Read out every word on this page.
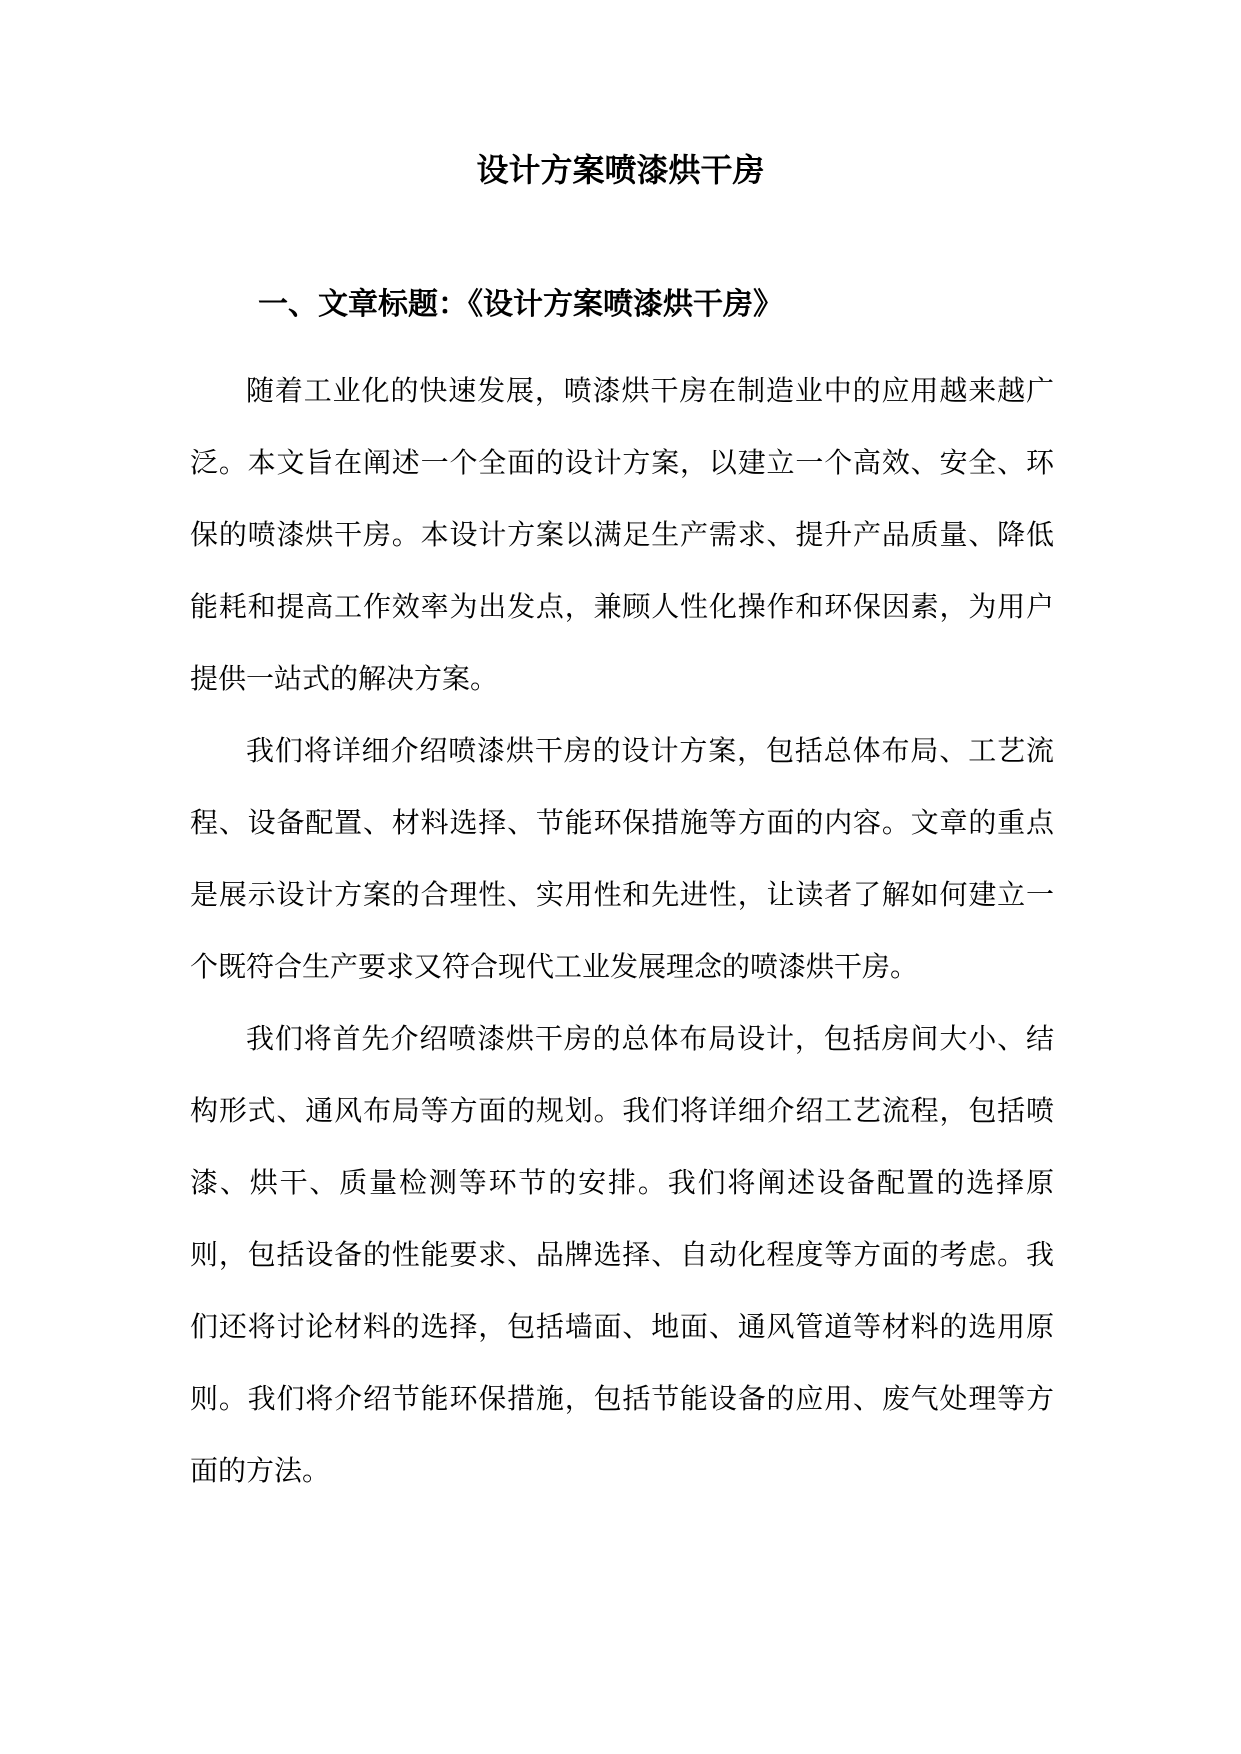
设计方案喷漆烘干房
一、文章标题：《设计方案喷漆烘干房》

随着工业化的快速发展，喷漆烘干房在制造业中的应用越来越广泛。本文旨在阐述一个全面的设计方案，以建立一个高效、安全、环保的喷漆烘干房。本设计方案以满足生产需求、提升产品质量、降低能耗和提高工作效率为出发点，兼顾人性化操作和环保因素，为用户提供一站式的解决方案。

我们将详细介绍喷漆烘干房的设计方案，包括总体布局、工艺流程、设备配置、材料选择、节能环保措施等方面的内容。文章的重点是展示设计方案的合理性、实用性和先进性，让读者了解如何建立一个既符合生产要求又符合现代工业发展理念的喷漆烘干房。

我们将首先介绍喷漆烘干房的总体布局设计，包括房间大小、结构形式、通风布局等方面的规划。我们将详细介绍工艺流程，包括喷漆、烘干、质量检测等环节的安排。我们将阐述设备配置的选择原则，包括设备的性能要求、品牌选择、自动化程度等方面的考虑。我们还将讨论材料的选择，包括墙面、地面、通风管道等材料的选用原则。我们将介绍节能环保措施，包括节能设备的应用、废气处理等方面的方法。
